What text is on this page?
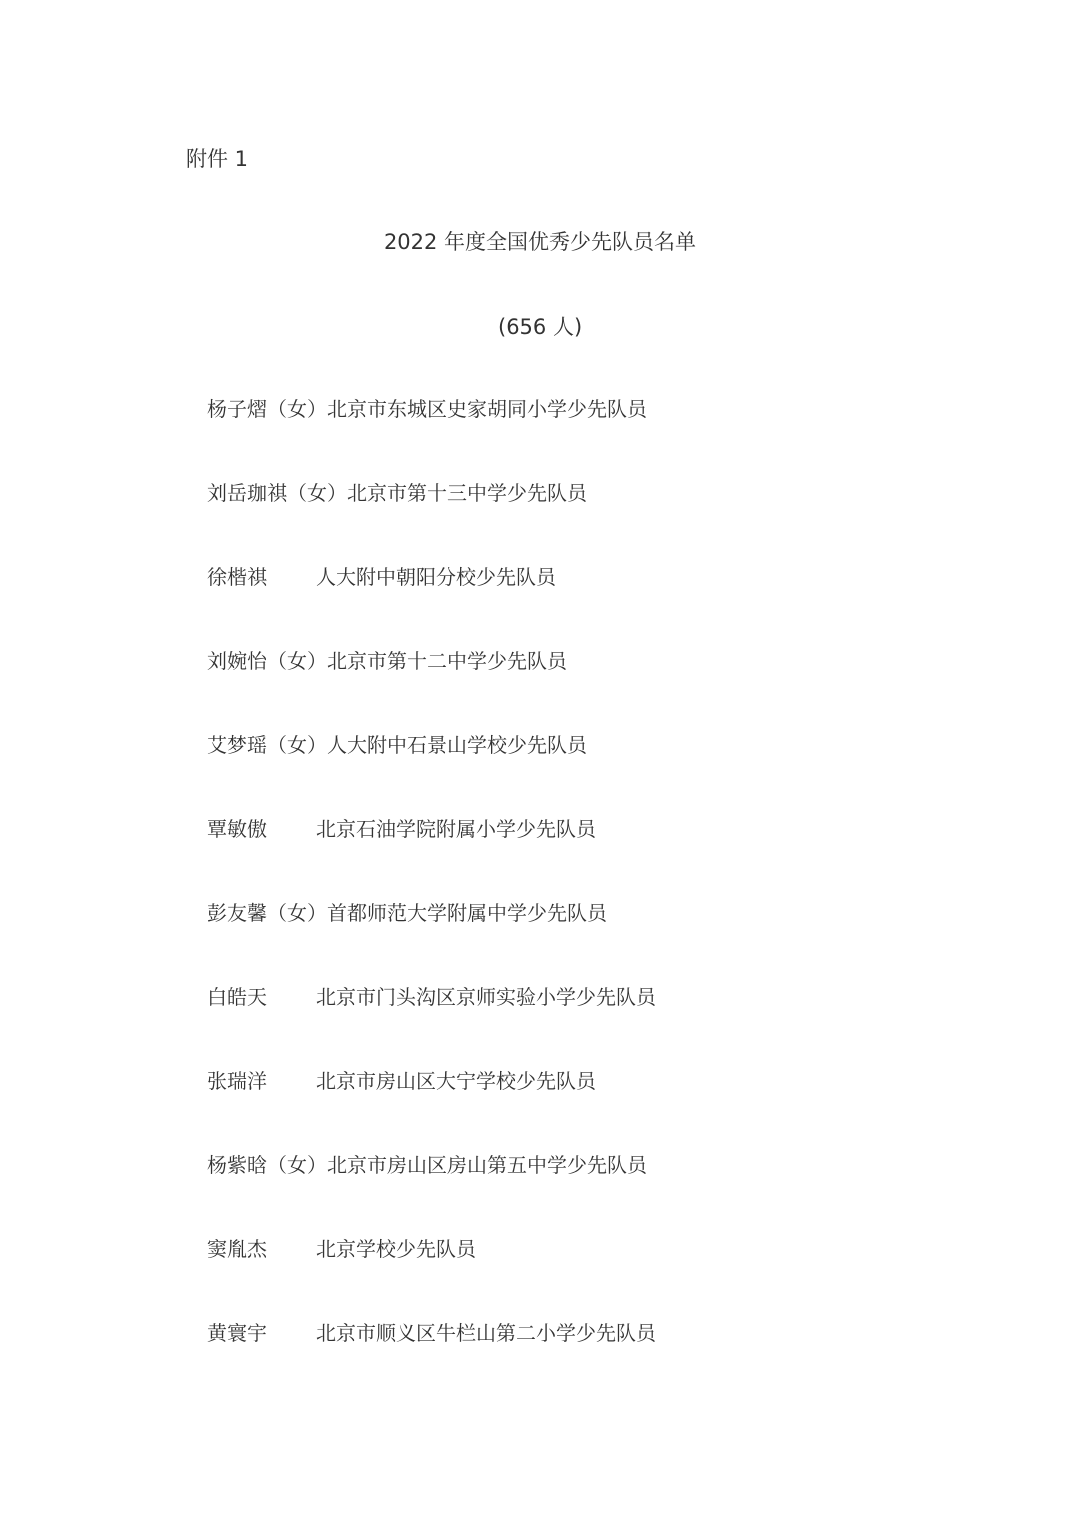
附件 1
2022 年度全国优秀少先队员名单
(656 人)
杨子熠（女）北京市东城区史家胡同小学少先队员
刘岳珈祺（女）北京市第十三中学少先队员
徐楷祺 人大附中朝阳分校少先队员
刘婉怡（女）北京市第十二中学少先队员
艾梦瑶（女）人大附中石景山学校少先队员
覃敏傲 北京石油学院附属小学少先队员
彭友馨（女）首都师范大学附属中学少先队员
白皓天 北京市门头沟区京师实验小学少先队员
张瑞洋 北京市房山区大宁学校少先队员
杨紫晗（女）北京市房山区房山第五中学少先队员
窦胤杰 北京学校少先队员
黄寰宇 北京市顺义区牛栏山第二小学少先队员
